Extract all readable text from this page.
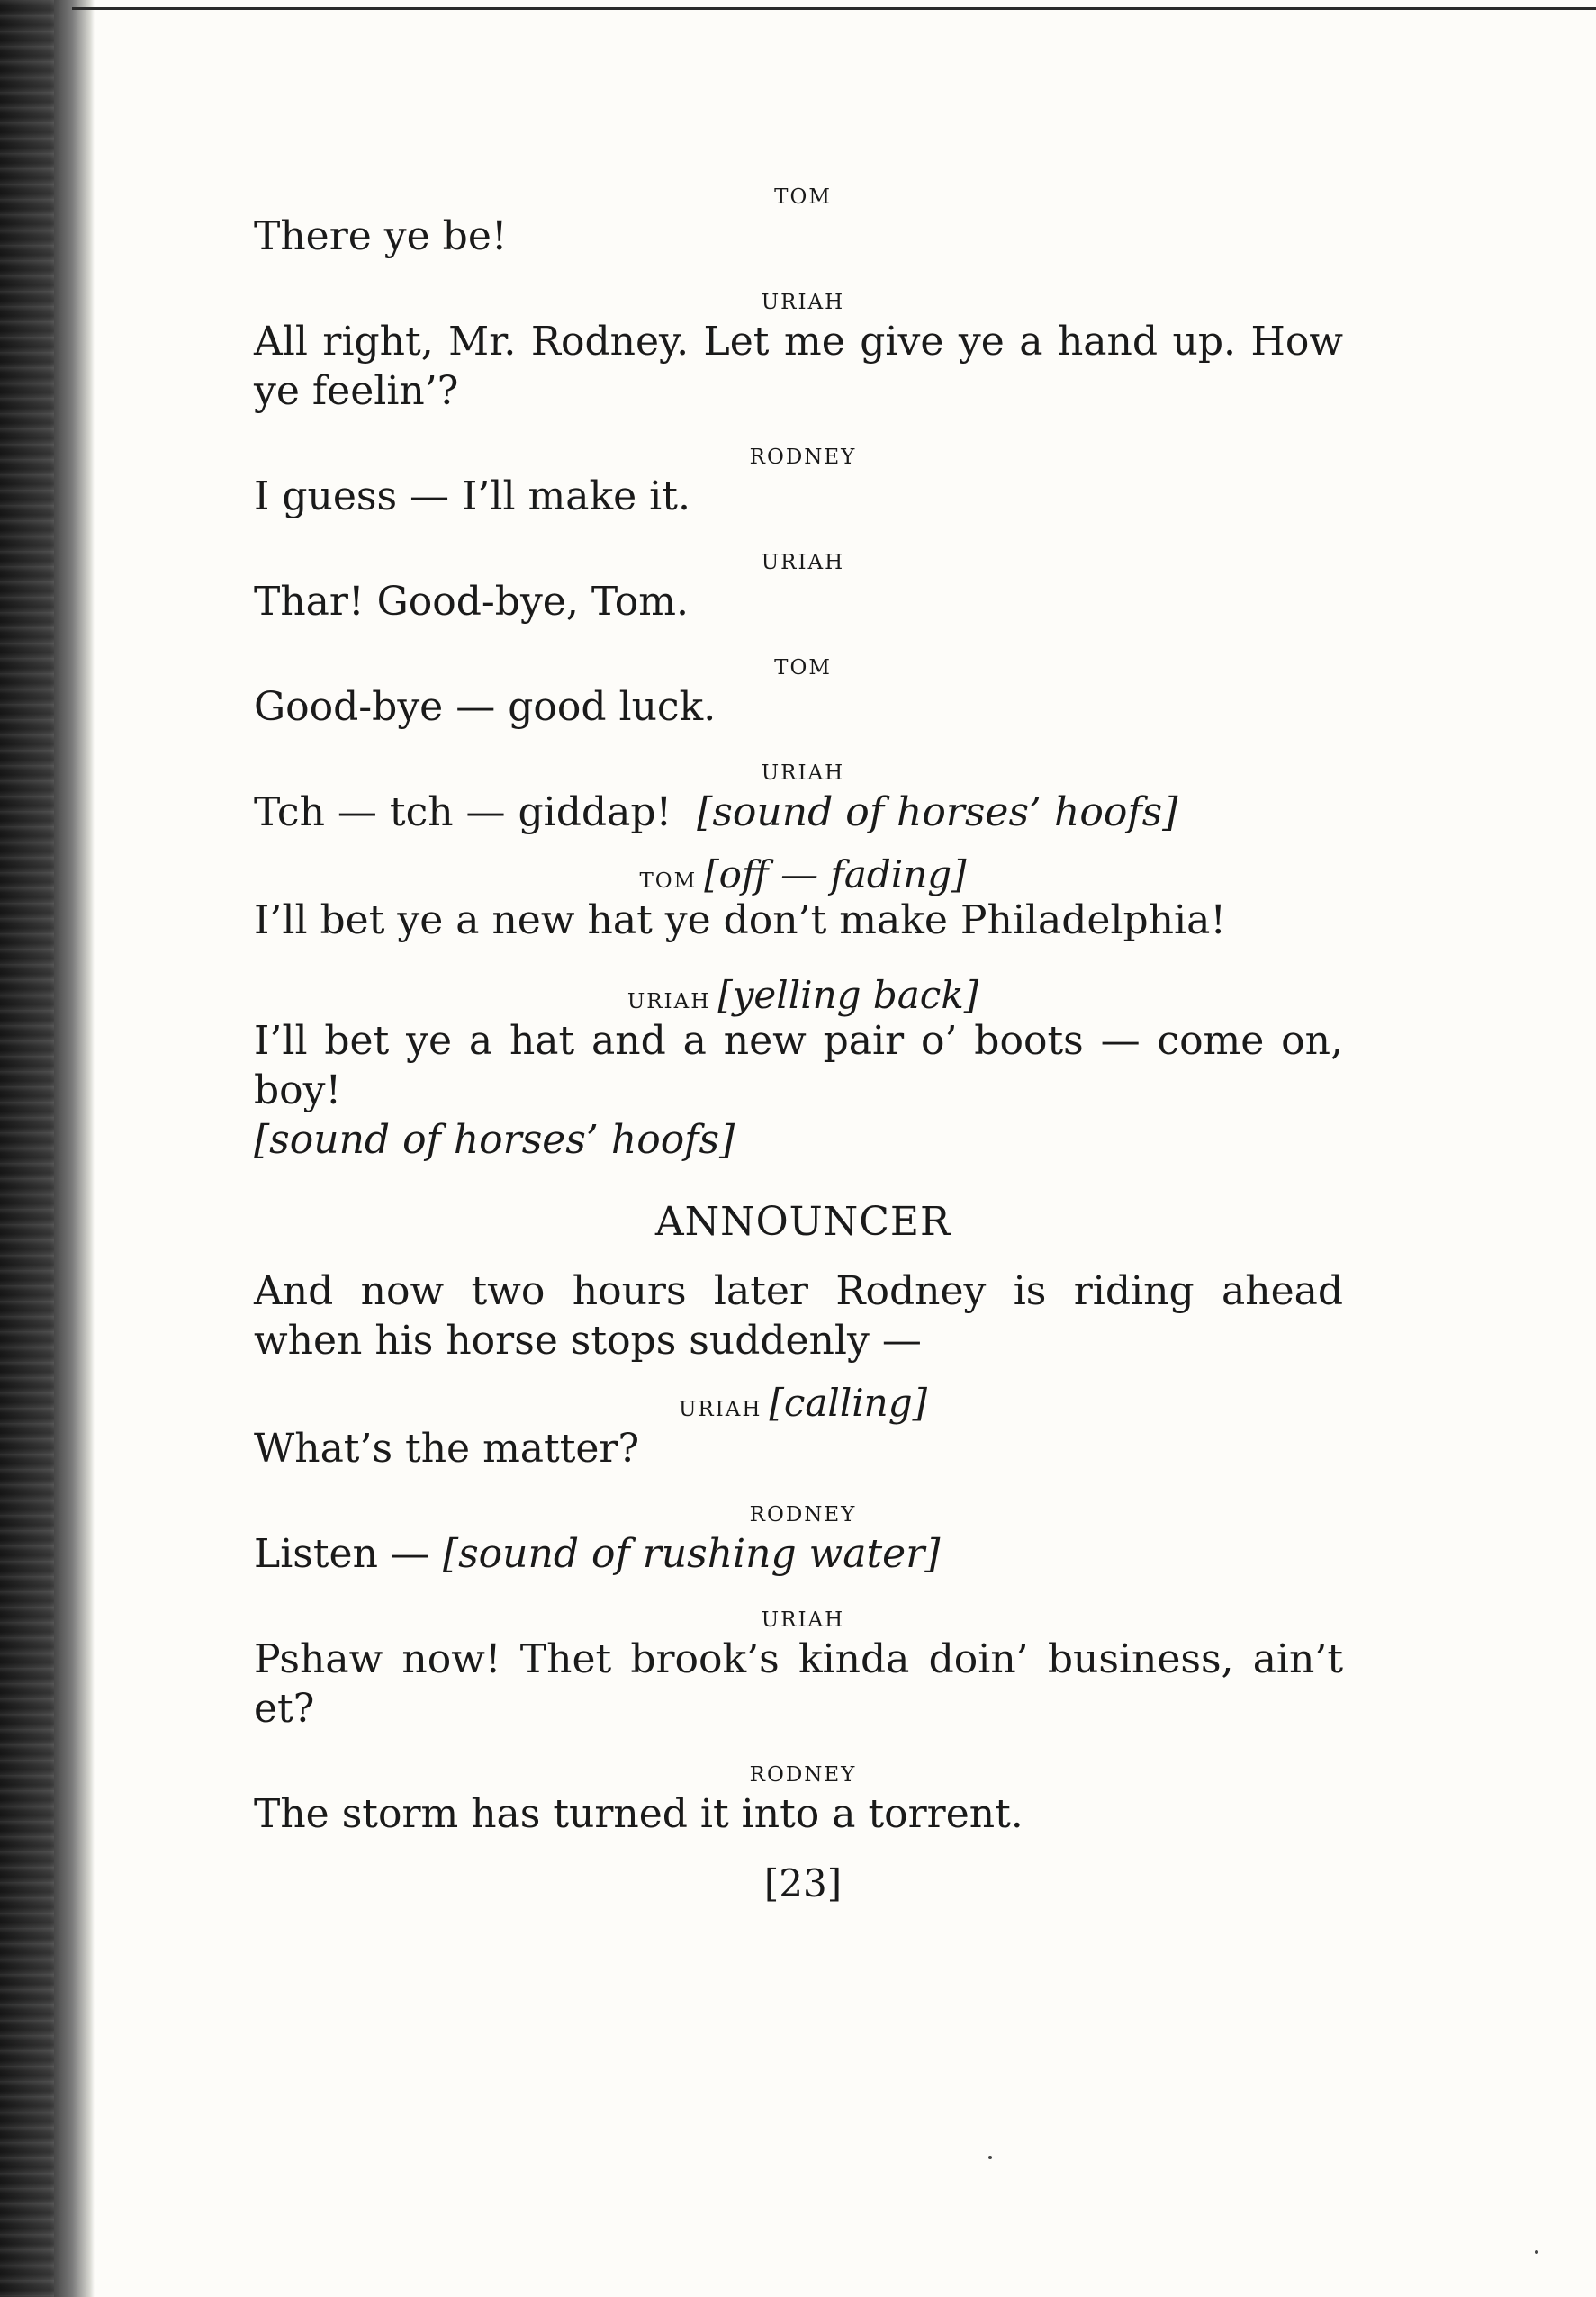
tom

There ye be!

uriah

All right, Mr. Rodney. Let me give ye a hand up. How ye feelin’?

rodney

I guess — I’ll make it.

uriah

Thar! Good-bye, Tom.

tom

Good-bye — good luck.

uriah

Tch — tch — giddap! [sound of horses’ hoofs]

tom [off — fading]

I’ll bet ye a new hat ye don’t make Philadelphia!

uriah [yelling back]

I’ll bet ye a hat and a new pair o’ boots — come on, boy!
[sound of horses’ hoofs]

ANNOUNCER

And now two hours later Rodney is riding ahead when his horse stops suddenly —

uriah [calling]

What’s the matter?

rodney

Listen — [sound of rushing water]

uriah

Pshaw now! Thet brook’s kinda doin’ business, ain’t et?

rodney

The storm has turned it into a torrent.

[23]
